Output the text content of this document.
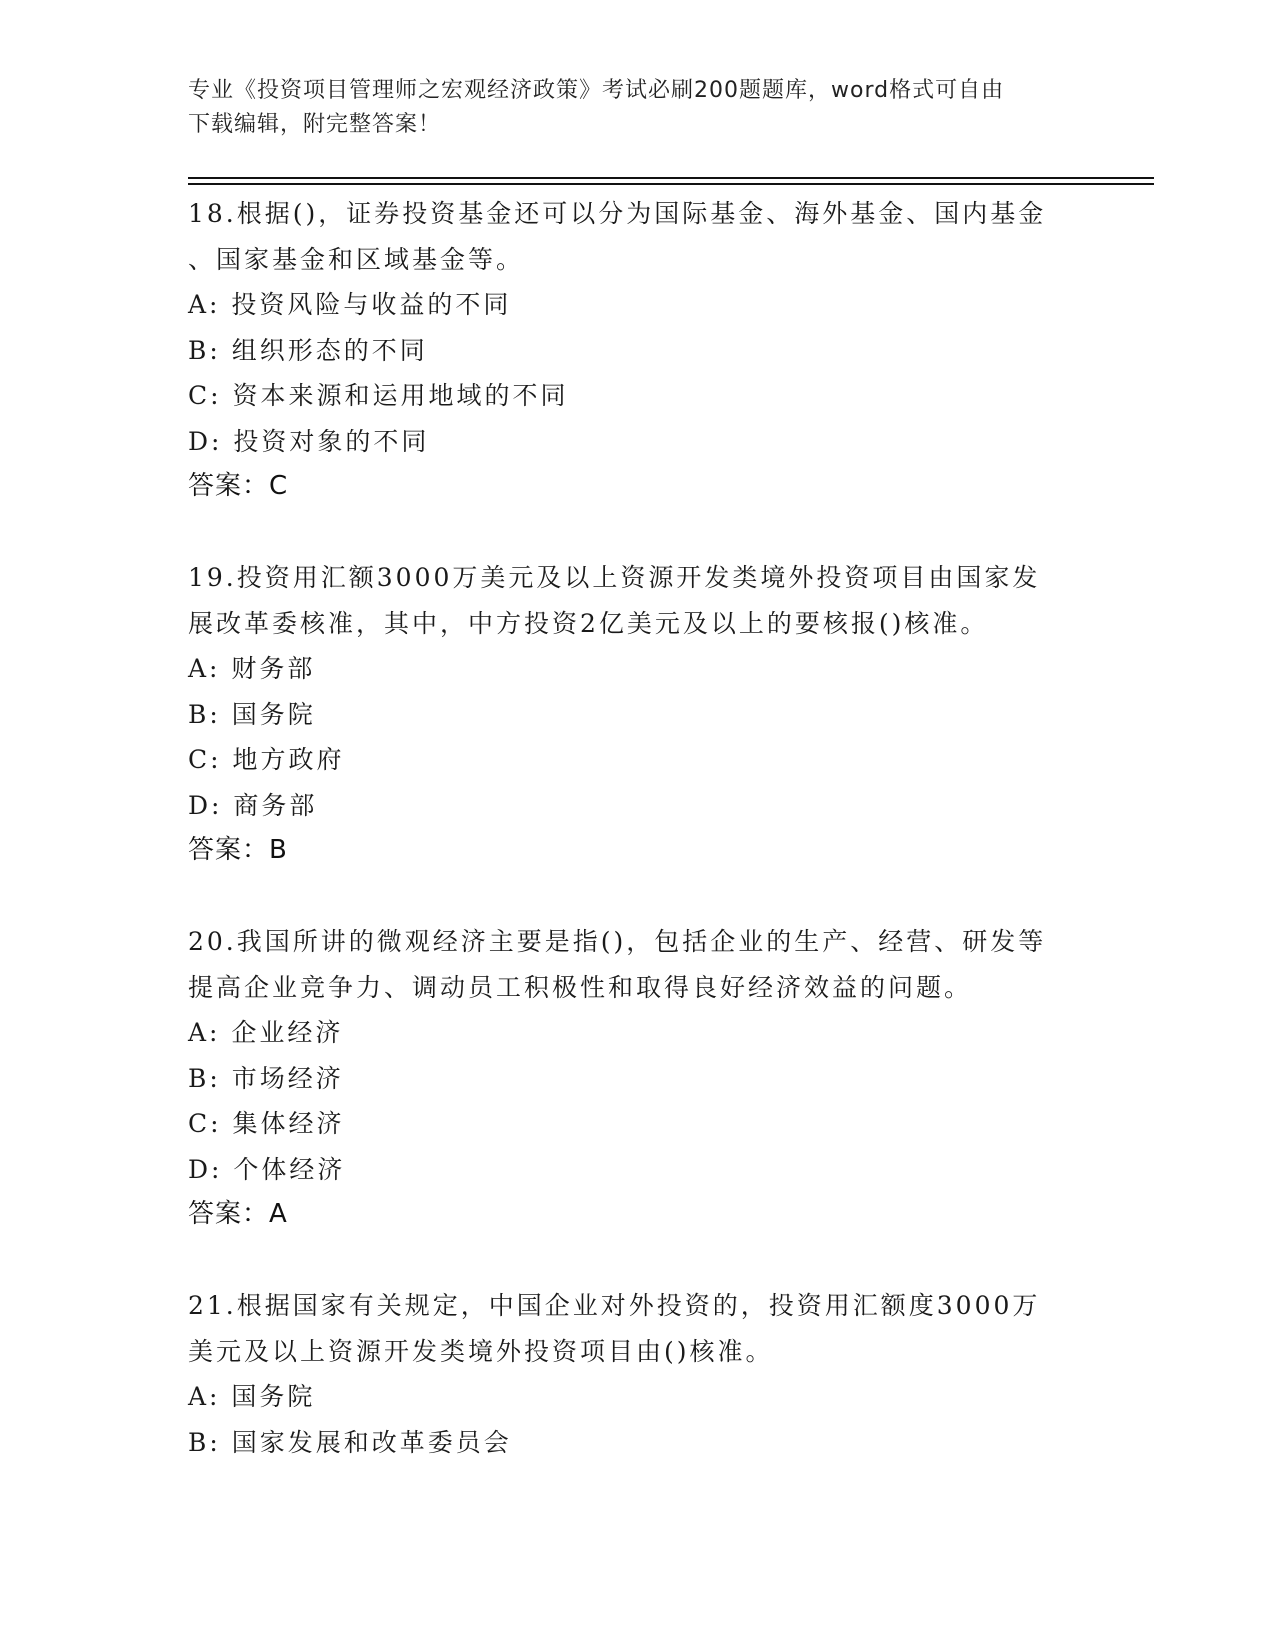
专业《投资项目管理师之宏观经济政策》考试必刷200题题库，word格式可自由
下载编辑，附完整答案！

18.根据()，证券投资基金还可以分为国际基金、海外基金、国内基金

、国家基金和区域基金等。

A: 投资风险与收益的不同

B: 组织形态的不同

C: 资本来源和运用地域的不同

D: 投资对象的不同

答案：C

19.投资用汇额3000万美元及以上资源开发类境外投资项目由国家发

展改革委核准，其中，中方投资2亿美元及以上的要核报()核准。

A: 财务部

B: 国务院

C: 地方政府

D: 商务部

答案：B

20.我国所讲的微观经济主要是指()，包括企业的生产、经营、研发等

提高企业竞争力、调动员工积极性和取得良好经济效益的问题。

A: 企业经济

B: 市场经济

C: 集体经济

D: 个体经济

答案：A

21.根据国家有关规定，中国企业对外投资的，投资用汇额度3000万

美元及以上资源开发类境外投资项目由()核准。

A: 国务院

B: 国家发展和改革委员会
